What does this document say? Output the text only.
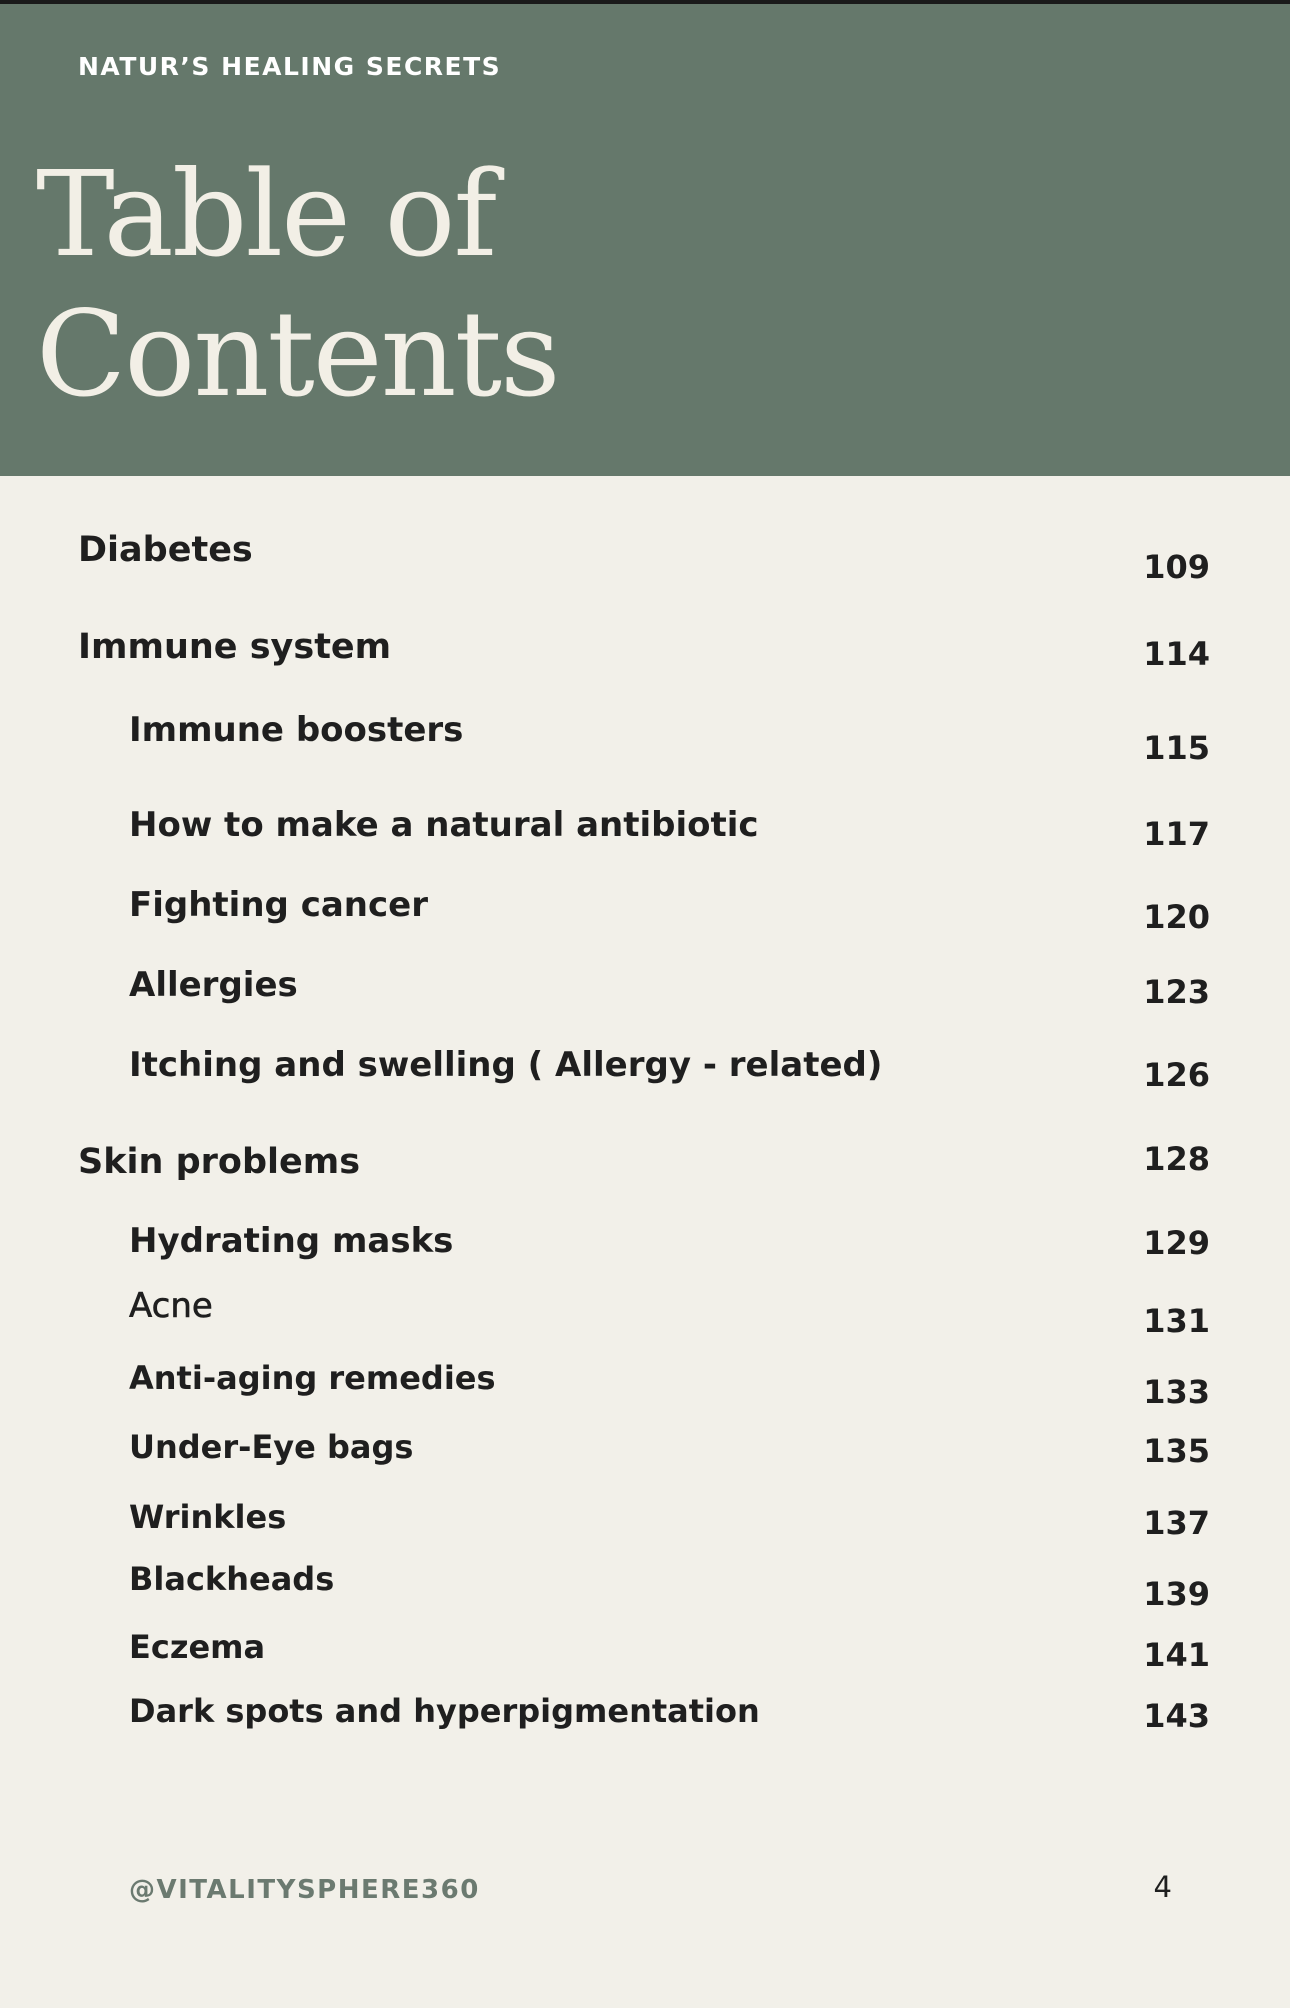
NATUR’S HEALING SECRETS
Table of
Contents
Diabetes	109
Immune system	114
Immune boosters	115
How to make a natural antibiotic	117
Fighting cancer	120
Allergies	123
Itching and swelling ( Allergy - related)	126
Skin problems	128
Hydrating masks	129
Acne	131
Anti-aging remedies	133
Under-Eye bags	135
Wrinkles	137
Blackheads	139
Eczema	141
Dark spots and hyperpigmentation	143
@VITALITYSPHERE360	4
